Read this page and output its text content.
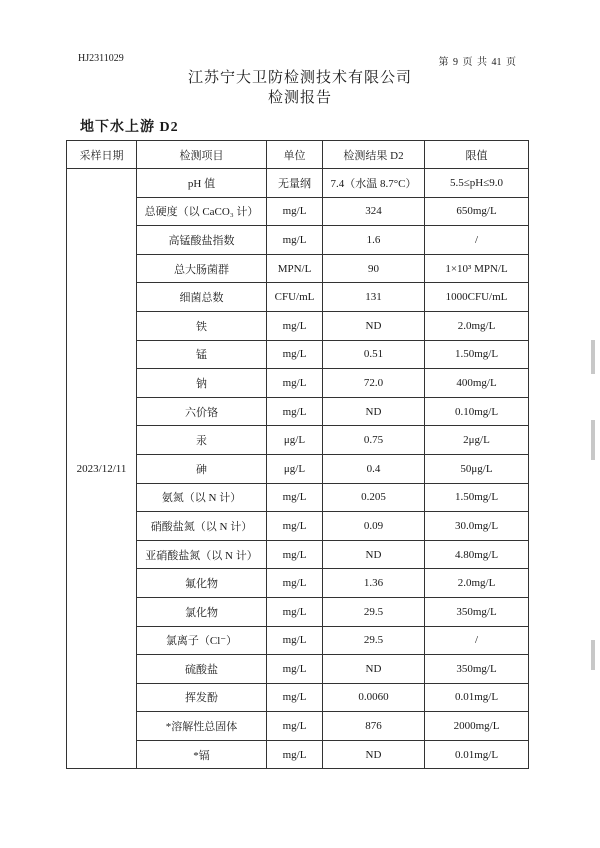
HJ2311029	第 9 页 共 41 页
江苏宁大卫防检测技术有限公司
检测报告
地下水上游 D2
采样日期	检测项目	单位	检测结果 D2	限值
2023/12/11	pH 值	无量纲	7.4（水温 8.7°C）	5.5≤pH≤9.0
	总硬度（以 CaCO₃ 计）	mg/L	324	650mg/L
	高锰酸盐指数	mg/L	1.6	/
	总大肠菌群	MPN/L	90	1×10³ MPN/L
	细菌总数	CFU/mL	131	1000CFU/mL
	铁	mg/L	ND	2.0mg/L
	锰	mg/L	0.51	1.50mg/L
	钠	mg/L	72.0	400mg/L
	六价铬	mg/L	ND	0.10mg/L
	汞	μg/L	0.75	2μg/L
	砷	μg/L	0.4	50μg/L
	氨氮（以 N 计）	mg/L	0.205	1.50mg/L
	硝酸盐氮（以 N 计）	mg/L	0.09	30.0mg/L
	亚硝酸盐氮（以 N 计）	mg/L	ND	4.80mg/L
	氟化物	mg/L	1.36	2.0mg/L
	氯化物	mg/L	29.5	350mg/L
	氯离子（Cl⁻）	mg/L	29.5	/
	硫酸盐	mg/L	ND	350mg/L
	挥发酚	mg/L	0.0060	0.01mg/L
	*溶解性总固体	mg/L	876	2000mg/L
	*镉	mg/L	ND	0.01mg/L
